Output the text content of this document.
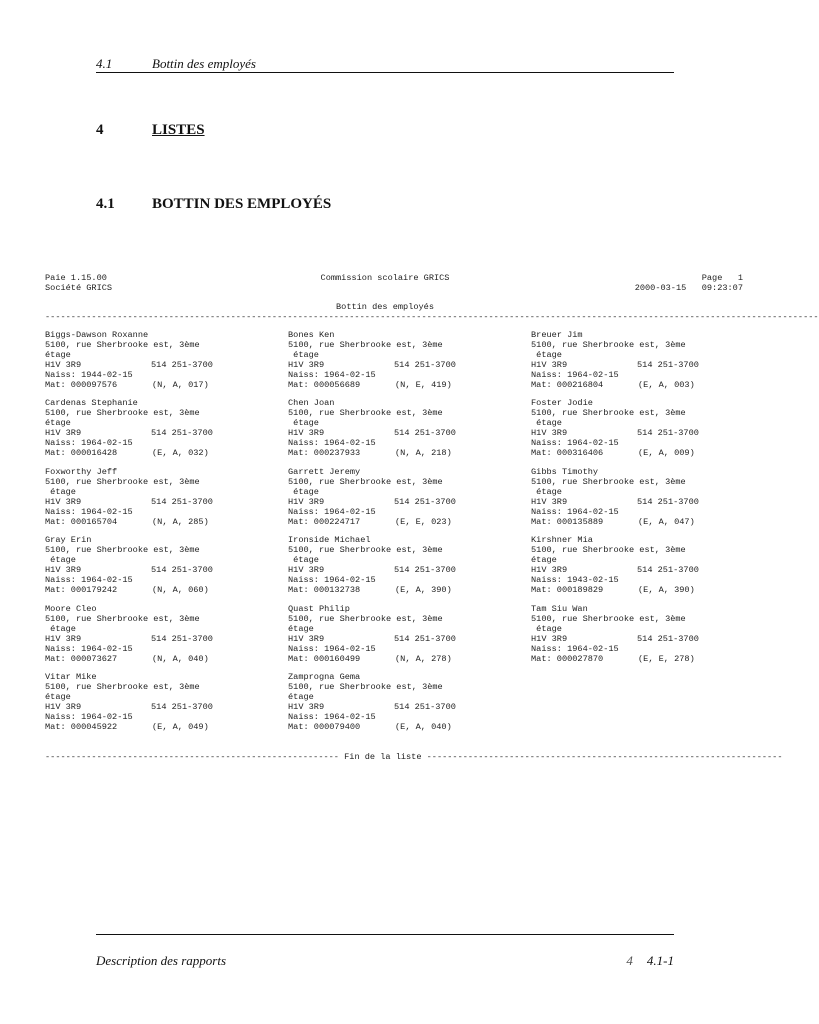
4.1	Bottin des employés
4	LISTES
4.1 BOTTIN DES EMPLOYÉS
Paie 1.15.00
Société GRICS
Commission scolaire GRICS	Page   1
2000-03-15   09:23:07
Bottin des employés
------------------------------------------------------------------------------------------------------------------------------------------------------
Biggs-Dawson Roxanne
5100, rue Sherbrooke est, 3ème
étage
H1V 3R9	514 251-3700
Naiss: 1944-02-15
Mat: 000097576	(N, A, 017)
Bones Ken
5100, rue Sherbrooke est, 3ème
étage
H1V 3R9	514 251-3700
Naiss: 1964-02-15
Mat: 000056689	(N, E, 419)
Breuer Jim
5100, rue Sherbrooke est, 3ème
étage
H1V 3R9	514 251-3700
Naiss: 1964-02-15
Mat: 000216804	(E, A, 003)
Cardenas Stephanie
5100, rue Sherbrooke est, 3ème
étage
H1V 3R9	514 251-3700
Naiss: 1964-02-15
Mat: 000016428	(E, A, 032)
Chen Joan
5100, rue Sherbrooke est, 3ème
étage
H1V 3R9	514 251-3700
Naiss: 1964-02-15
Mat: 000237933	(N, A, 218)
Foster Jodie
5100, rue Sherbrooke est, 3ème
étage
H1V 3R9	514 251-3700
Naiss: 1964-02-15
Mat: 000316406	(E, A, 009)
Foxworthy Jeff
5100, rue Sherbrooke est, 3ème
étage
H1V 3R9	514 251-3700
Naiss: 1964-02-15
Mat: 000165704	(N, A, 285)
Garrett Jeremy
5100, rue Sherbrooke est, 3ème
étage
H1V 3R9	514 251-3700
Naiss: 1964-02-15
Mat: 000224717	(E, E, 023)
Gibbs Timothy
5100, rue Sherbrooke est, 3ème
étage
H1V 3R9	514 251-3700
Naiss: 1964-02-15
Mat: 000135889	(E, A, 047)
Gray Erin
5100, rue Sherbrooke est, 3ème
étage
H1V 3R9	514 251-3700
Naiss: 1964-02-15
Mat: 000179242	(N, A, 060)
Ironside Michael
5100, rue Sherbrooke est, 3ème
étage
H1V 3R9	514 251-3700
Naiss: 1964-02-15
Mat: 000132738	(E, A, 390)
Kirshner Mia
5100, rue Sherbrooke est, 3ème
étage
H1V 3R9	514 251-3700
Naiss: 1943-02-15
Mat: 000189829	(E, A, 390)
Moore Cleo
5100, rue Sherbrooke est, 3ème
étage
H1V 3R9	514 251-3700
Naiss: 1964-02-15
Mat: 000073627	(N, A, 040)
Quast Philip
5100, rue Sherbrooke est, 3ème
étage
H1V 3R9	514 251-3700
Naiss: 1964-02-15
Mat: 000160499	(N, A, 278)
Tam Siu Wan
5100, rue Sherbrooke est, 3ème
étage
H1V 3R9	514 251-3700
Naiss: 1964-02-15
Mat: 000027870	(E, E, 278)
Vitar Mike
5100, rue Sherbrooke est, 3ème
étage
H1V 3R9	514 251-3700
Naiss: 1964-02-15
Mat: 000045922	(E, A, 049)
Zamprogna Gema
5100, rue Sherbrooke est, 3ème
étage
H1V 3R9	514 251-3700
Naiss: 1964-02-15
Mat: 000079400	(E, A, 040)
--------------------------------------------------------- Fin de la liste ---------------------------------------------------------------------
Description des rapports	4 4.1-1
